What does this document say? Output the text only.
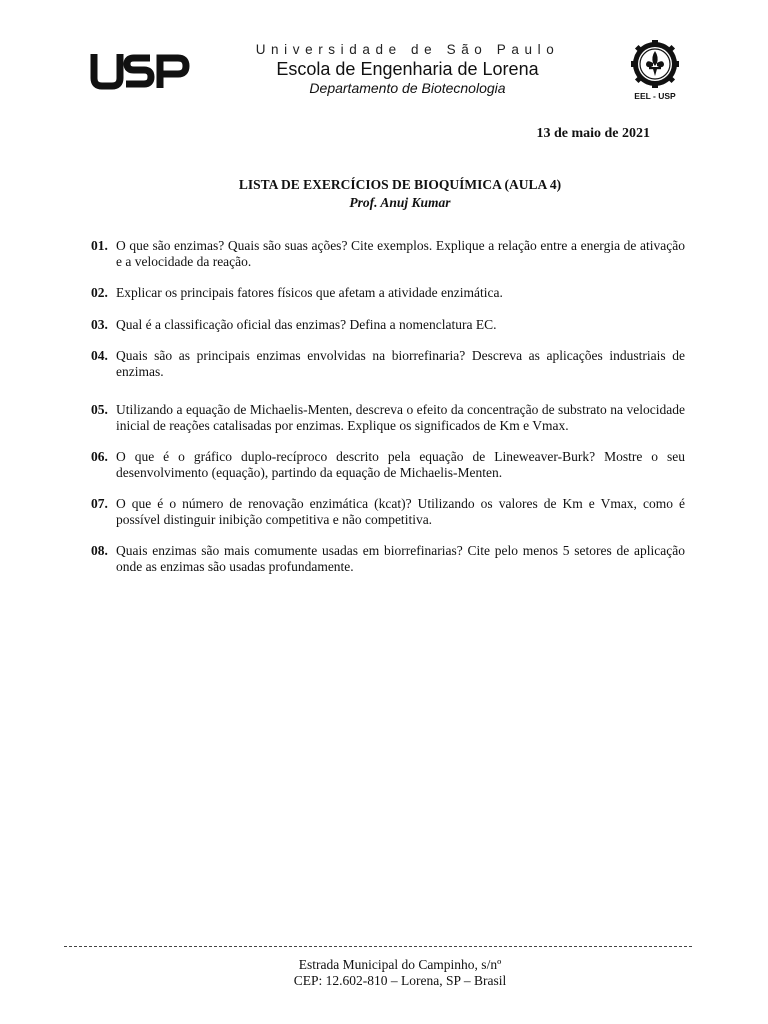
Universidade de São Paulo
Escola de Engenharia de Lorena
Departamento de Biotecnologia	EEL - USP
13 de maio de 2021
LISTA DE EXERCÍCIOS DE BIOQUÍMICA (AULA 4)
Prof. Anuj Kumar
01. O que são enzimas? Quais são suas ações? Cite exemplos. Explique a relação entre a energia de ativação e a velocidade da reação.
02. Explicar os principais fatores físicos que afetam a atividade enzimática.
03. Qual é a classificação oficial das enzimas? Defina a nomenclatura EC.
04. Quais são as principais enzimas envolvidas na biorrefinaria? Descreva as aplicações industriais de enzimas.
05. Utilizando a equação de Michaelis-Menten, descreva o efeito da concentração de substrato na velocidade inicial de reações catalisadas por enzimas. Explique os significados de Km e Vmax.
06. O que é o gráfico duplo-recíproco descrito pela equação de Lineweaver-Burk? Mostre o seu desenvolvimento (equação), partindo da equação de Michaelis-Menten.
07. O que é o número de renovação enzimática (kcat)? Utilizando os valores de Km e Vmax, como é possível distinguir inibição competitiva e não competitiva.
08. Quais enzimas são mais comumente usadas em biorrefinarias? Cite pelo menos 5 setores de aplicação onde as enzimas são usadas profundamente.
Estrada Municipal do Campinho, s/nº
CEP: 12.602-810 – Lorena, SP – Brasil
